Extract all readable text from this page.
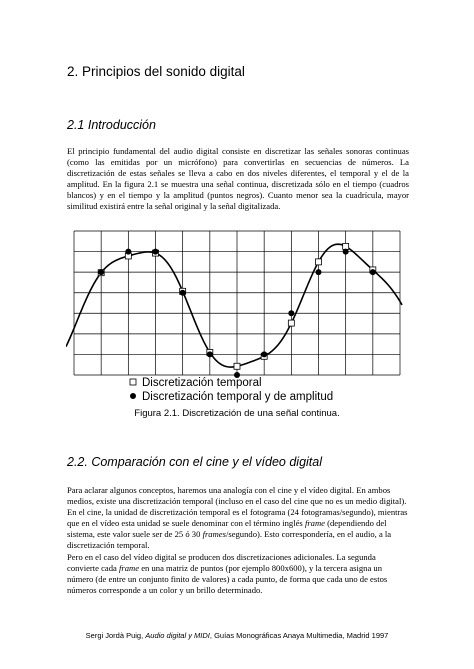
2. Principios del sonido digital
2.1 Introducción

El principio fundamental del audio digital consiste en discretizar las señales sonoras continuas (como las emitidas por un micrófono) para convertirlas en secuencias de números. La discretización de estas señales se lleva a cabo en dos niveles diferentes, el temporal y el de la amplitud. En la figura 2.1 se muestra una señal continua, discretizada sólo en el tiempo (cuadros blancos) y en el tiempo y la amplitud (puntos negros). Cuanto menor sea la cuadrícula, mayor similitud existirá entre la señal original y la señal digitalizada.

Discretización temporal
Discretización temporal y de amplitud

Figura 2.1. Discretización de una señal continua.

2.2. Comparación con el cine y el vídeo digital

Para aclarar algunos conceptos, haremos una analogía con el cine y el vídeo digital. En ambos medios, existe una discretización temporal (incluso en el caso del cine que no es un medio digital). En el cine, la unidad de discretización temporal es el fotograma (24 fotogramas/segundo), mientras que en el vídeo esta unidad se suele denominar con el término inglés frame (dependiendo del sistema, este valor suele ser de 25 ó 30 frames/segundo). Esto correspondería, en el audio, a la discretización temporal.

Pero en el caso del vídeo digital se producen dos discretizaciones adicionales. La segunda convierte cada frame en una matriz de puntos (por ejemplo 800x600), y la tercera asigna un número (de entre un conjunto finito de valores) a cada punto, de forma que cada uno de estos números corresponde a un color y un brillo determinado.

Sergi Jordà Puig, Audio digital y MIDI, Guías Monográficas Anaya Multimedia, Madrid 1997
